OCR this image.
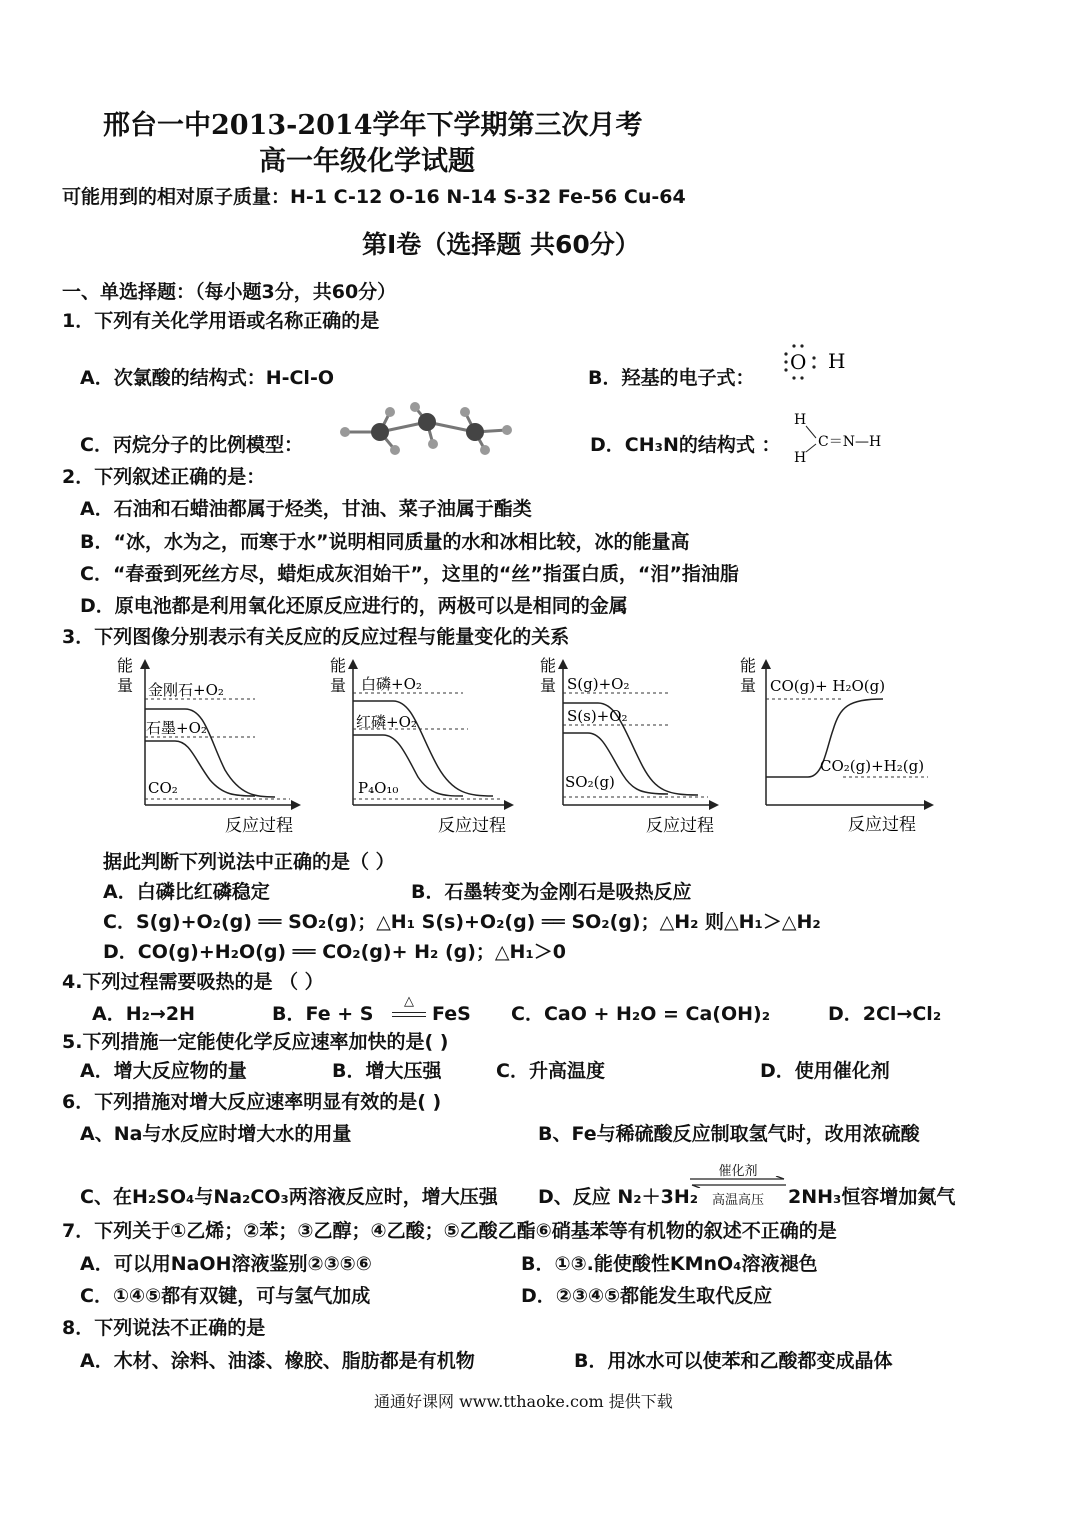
邢台一中2013-2014学年下学期第三次月考
高一年级化学试题
可能用到的相对原子质量：H-1 C-12 O-16 N-14 S-32 Fe-56 Cu-64
第Ⅰ卷（选择题 共60分）
一、单选择题：（每小题3分，共60分）
1．下列有关化学用语或名称正确的是
A．次氯酸的结构式：H-Cl-O	B．羟基的电子式：
O H
C．丙烷分子的比例模型：	D．CH₃N的结构式 ：
H
H
C＝N—H
2．下列叙述正确的是：
A．石油和石蜡油都属于烃类，甘油、菜子油属于酯类
B．“冰，水为之，而寒于水”说明相同质量的水和冰相比较，冰的能量高
C．“春蚕到死丝方尽，蜡炬成灰泪始干”，这里的“丝”指蛋白质，“泪”指油脂
D．原电池都是利用氧化还原反应进行的，两极可以是相同的金属
3．下列图像分别表示有关反应的反应过程与能量变化的关系
能
量 金刚石+O₂
石墨+O₂
CO₂
反应过程
能
量 白磷+O₂
红磷+O₂
P₄O₁₀
反应过程
能
量 S(g)+O₂
S(s)+O₂
SO₂(g)
反应过程
能
量 CO(g)+ H₂O(g)
CO₂(g)+H₂(g)
反应过程
据此判断下列说法中正确的是（ ）
A．白磷比红磷稳定	B．石墨转变为金刚石是吸热反应
C．S(g)+O₂(g) ══ SO₂(g)；△H₁ S(s)+O₂(g) ══ SO₂(g)；△H₂ 则△H₁＞△H₂
D．CO(g)+H₂O(g) ══ CO₂(g)+ H₂ (g)；△H₁＞0
4.下列过程需要吸热的是 （ ）
A．H₂→2H	B．Fe + S
△
FeS C．CaO + H₂O = Ca(OH)₂	D．2Cl→Cl₂
5.下列措施一定能使化学反应速率加快的是( )
A．增大反应物的量	B．增大压强	C．升高温度	D．使用催化剂
6．下列措施对增大反应速率明显有效的是( )
A、Na与水反应时增大水的用量	B、Fe与稀硫酸反应制取氢气时，改用浓硫酸
C、在H₂SO₄与Na₂CO₃两溶液反应时，增大压强 D、反应 N₂＋3H₂
催化剂
高温高压	2NH₃恒容增加氮气
7．下列关于①乙烯；②苯；③乙醇；④乙酸；⑤乙酸乙酯⑥硝基苯等有机物的叙述不正确的是
A．可以用NaOH溶液鉴别②③⑤⑥	B．①③.能使酸性KMnO₄溶液褪色
C．①④⑤都有双键，可与氢气加成	D．②③④⑤都能发生取代反应
8．下列说法不正确的是
A．木材、涂料、油漆、橡胶、脂肪都是有机物	B．用冰水可以使苯和乙酸都变成晶体
通通好课网 www.tthaoke.com 提供下载
